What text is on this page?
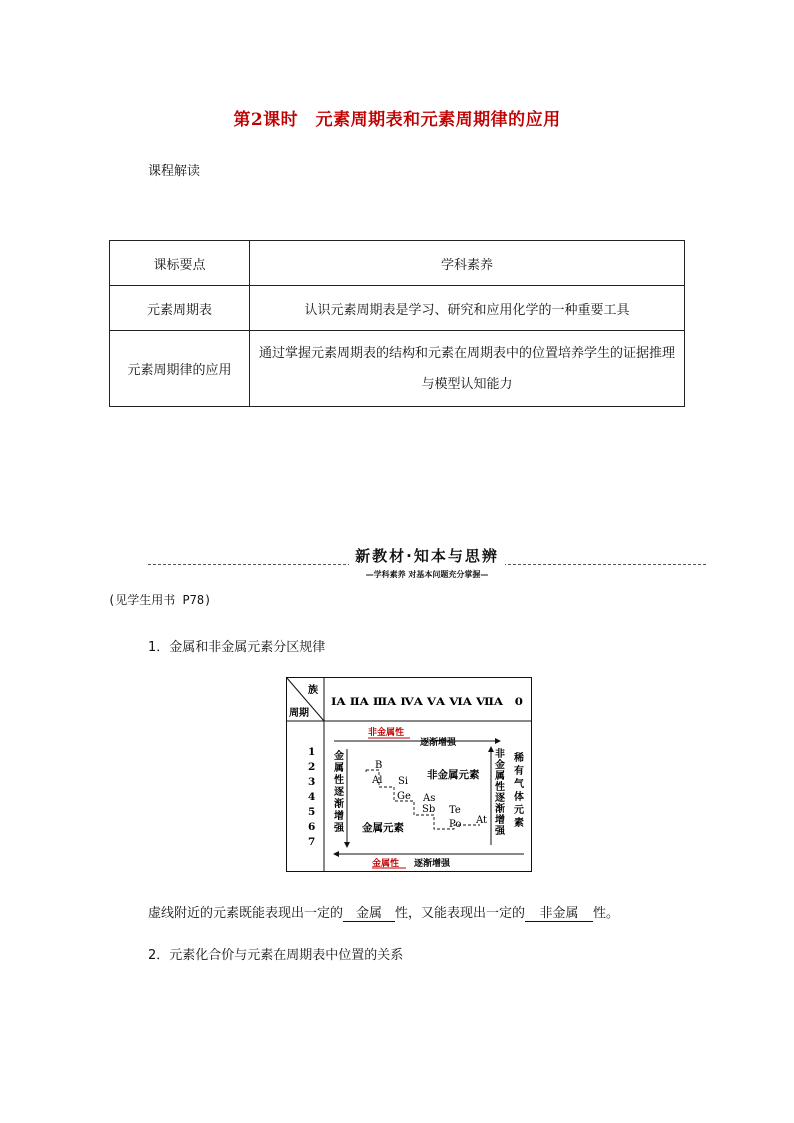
第2课时　元素周期表和元素周期律的应用
课程解读
课标要点	学科素养
元素周期表	认识元素周期表是学习、研究和应用化学的一种重要工具
元素周期律的应用	通过掌握元素周期表的结构和元素在周期表中的位置培养学生的证据推理与模型认知能力
新教材·知本与思辨
—学科素养 对基本问题充分掌握—
(见学生用书 P78)
1．金属和非金属元素分区规律
族
周期
ⅠA ⅡA ⅢA ⅣA ⅤA ⅥA ⅦA　0
1
2
3
4
5
6
7
非金属性
逐渐增强
金属性 逐渐增强
金
属
性
逐
渐
增
强
非
金
属
性
逐
渐
增
强
稀
有
气
体
元
素
B
Al Si
Ge As
Sb Te
Po At
非金属元素
金属元素
虚线附近的元素既能表现出一定的 金属 性，又能表现出一定的 非金属 性。
2．元素化合价与元素在周期表中位置的关系
